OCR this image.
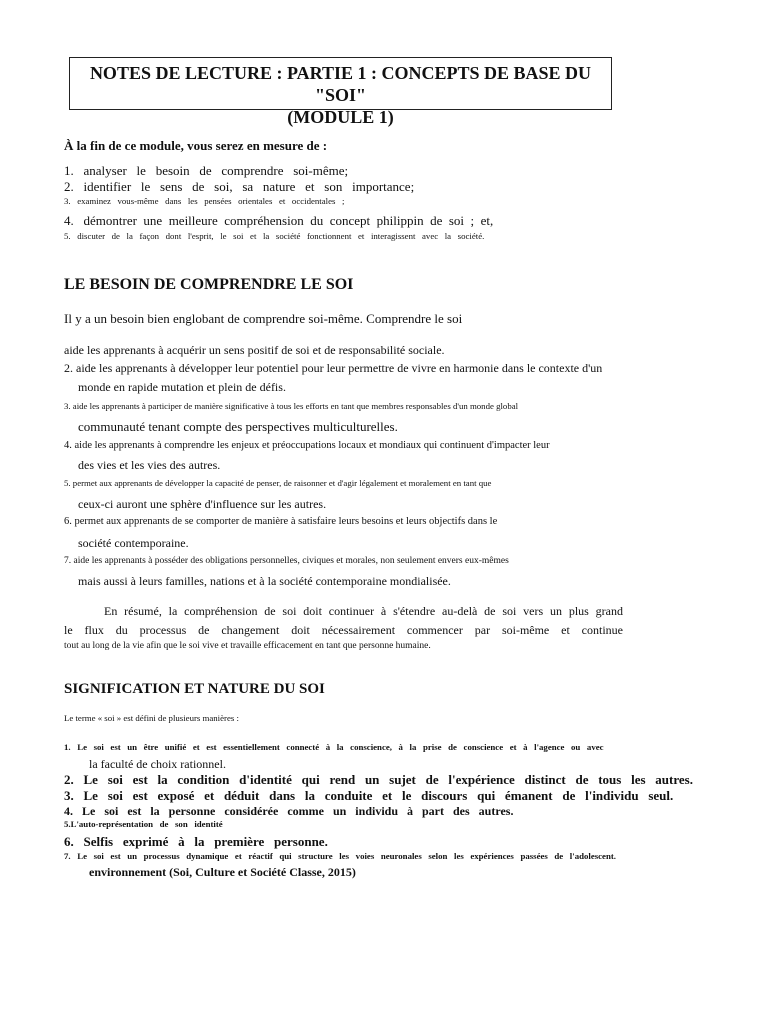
NOTES DE LECTURE : PARTIE 1 : CONCEPTS DE BASE DU "SOI"
(MODULE 1)
À la fin de ce module, vous serez en mesure de :
1.   analyser   le   besoin   de   comprendre   soi-même;
2.   identifier   le   sens   de   soi,   sa   nature   et   son   importance;
3.   examinez   vous-même   dans   les   pensées   orientales   et   occidentales   ;
4.   démontrer  une  meilleure  compréhension  du  concept  philippin  de  soi  ;  et,
5.   discuter   de   la   façon   dont   l'esprit,   le   soi   et   la   société   fonctionnent   et   interagissent   avec   la   société.
LE BESOIN DE COMPRENDRE LE SOI
Il y a un besoin bien englobant de comprendre soi-même. Comprendre le soi
aide les apprenants à acquérir un sens positif de soi et de responsabilité sociale.
2. aide les apprenants à développer leur potentiel pour leur permettre de vivre en harmonie dans le contexte d'un
monde en rapide mutation et plein de défis.
3. aide les apprenants à participer de manière significative à tous les efforts en tant que membres responsables d'un monde global
communauté tenant compte des perspectives multiculturelles.
4. aide les apprenants à comprendre les enjeux et préoccupations locaux et mondiaux qui continuent d'impacter leur
des vies et les vies des autres.
5. permet aux apprenants de développer la capacité de penser, de raisonner et d'agir légalement et moralement en tant que
ceux-ci auront une sphère d'influence sur les autres.
6. permet aux apprenants de se comporter de manière à satisfaire leurs besoins et leurs objectifs dans le
société contemporaine.
7. aide les apprenants à posséder des obligations personnelles, civiques et morales, non seulement envers eux-mêmes
mais aussi à leurs familles, nations et à la société contemporaine mondialisée.
En résumé, la compréhension de soi doit continuer à s'étendre au-delà de soi vers un plus grand
le flux du processus de changement doit nécessairement commencer par soi-même et continue
tout au long de la vie afin que le soi vive et travaille efficacement en tant que personne humaine.
SIGNIFICATION ET NATURE DU SOI
Le terme « soi » est défini de plusieurs manières :
1.   Le   soi   est   un   être   unifié   et   est   essentiellement   connecté   à   la   conscience,   à   la   prise   de   conscience   et   à   l'agence   ou   avec
la faculté de choix rationnel.
2.   Le   soi   est   la   condition   d'identité   qui   rend   un   sujet   de   l'expérience   distinct   de   tous   les   autres.
3.   Le   soi   est   exposé   et   déduit   dans   la   conduite   et   le   discours   qui   émanent   de   l'individu   seul.
4.   Le   soi   est   la   personne   considérée   comme   un   individu   à   part   des   autres.
5.L'auto-représentation   de   son   identité
6.   Selfis   exprimé   à   la   première   personne.
7.   Le   soi   est   un   processus   dynamique   et   réactif   qui   structure   les   voies   neuronales   selon   les   expériences   passées   de   l'adolescent.
environnement (Soi, Culture et Société Classe, 2015)
